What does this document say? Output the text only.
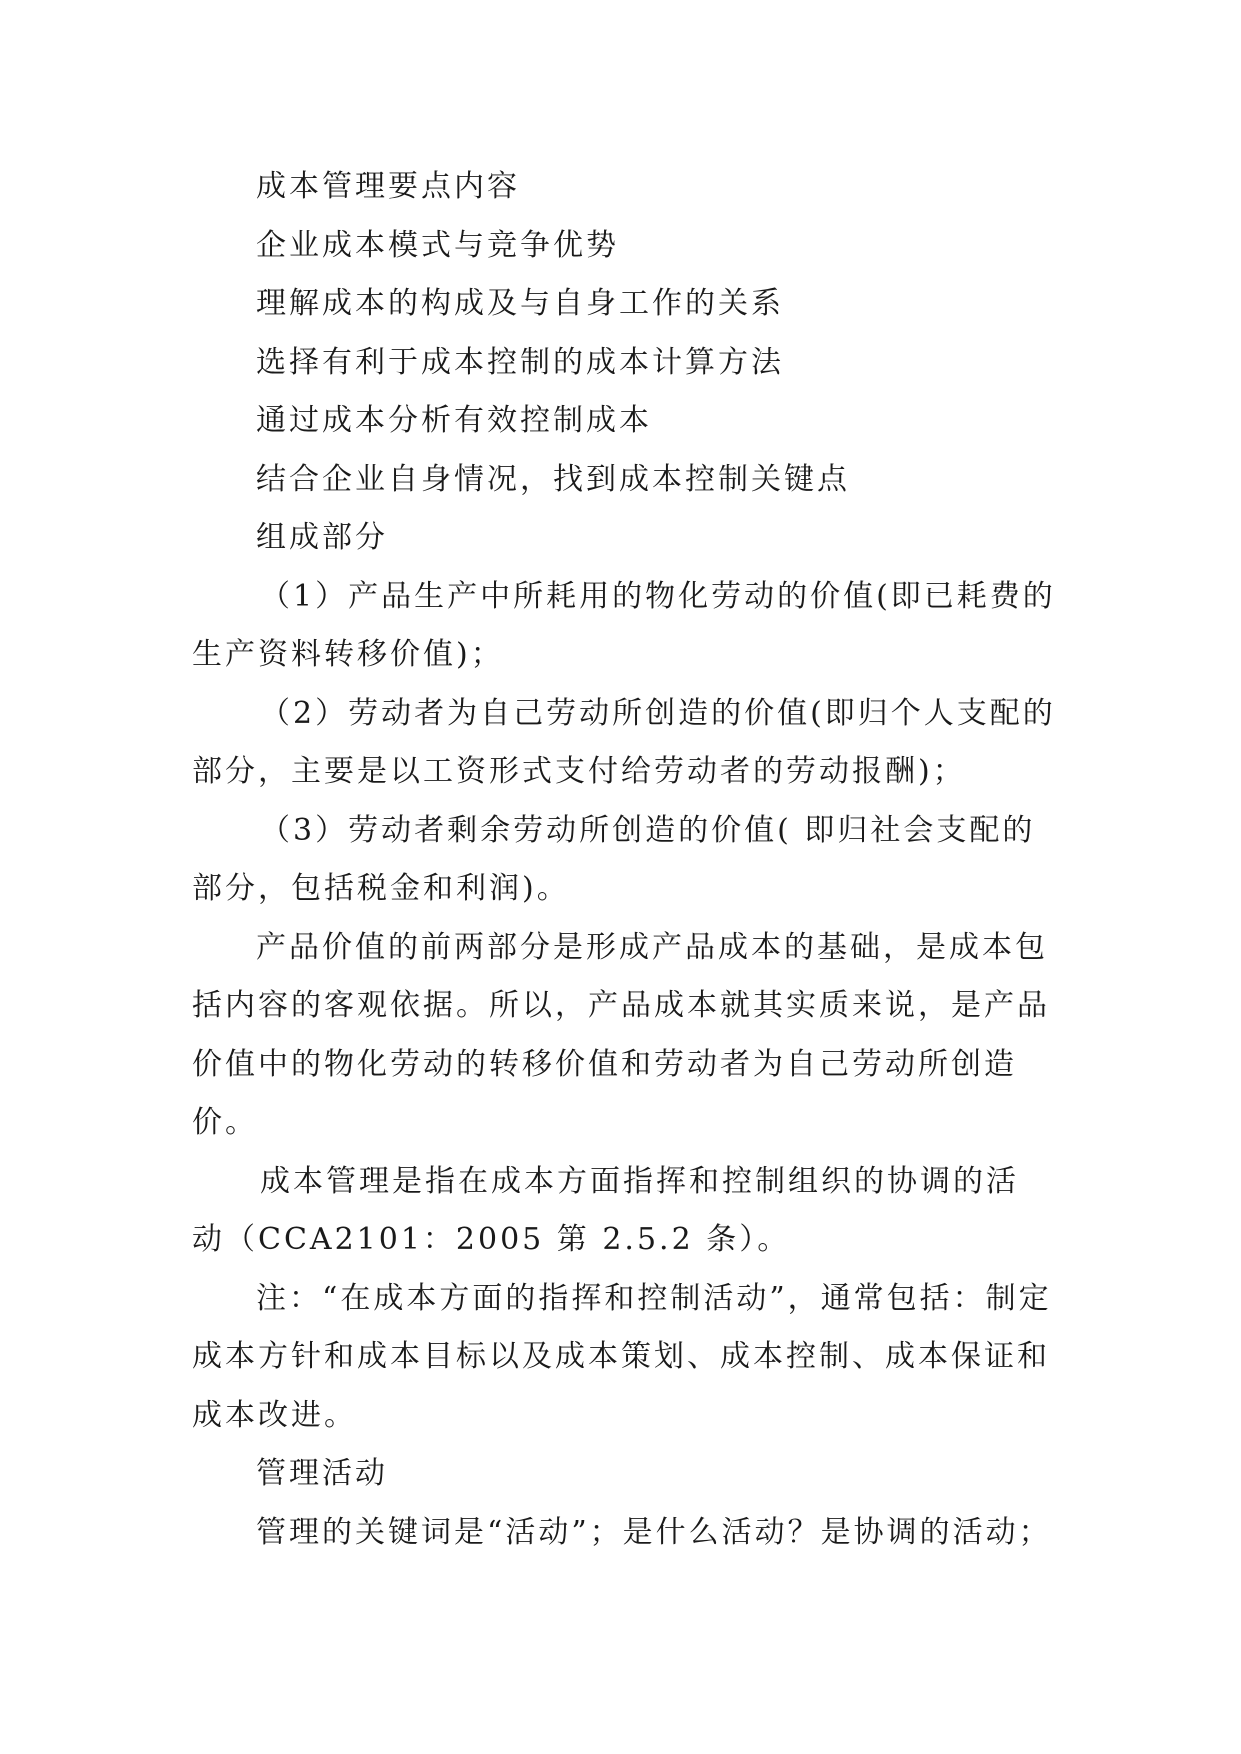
成本管理要点内容
企业成本模式与竞争优势
理解成本的构成及与自身工作的关系
选择有利于成本控制的成本计算方法
通过成本分析有效控制成本
结合企业自身情况，找到成本控制关键点
组成部分
（1）产品生产中所耗用的物化劳动的价值(即已耗费的
生产资料转移价值)；
（2）劳动者为自己劳动所创造的价值(即归个人支配的
部分，主要是以工资形式支付给劳动者的劳动报酬)；
（3）劳动者剩余劳动所创造的价值( 即归社会支配的
部分，包括税金和利润)。
产品价值的前两部分是形成产品成本的基础，是成本包
括内容的客观依据。所以，产品成本就其实质来说，是产品
价值中的物化劳动的转移价值和劳动者为自己劳动所创造
价。
成本管理是指在成本方面指挥和控制组织的协调的活
动（CCA2101：2005 第 2.5.2 条）。
注：“在成本方面的指挥和控制活动”，通常包括：制定
成本方针和成本目标以及成本策划、成本控制、成本保证和
成本改进。
管理活动
管理的关键词是“活动”；是什么活动？是协调的活动；
